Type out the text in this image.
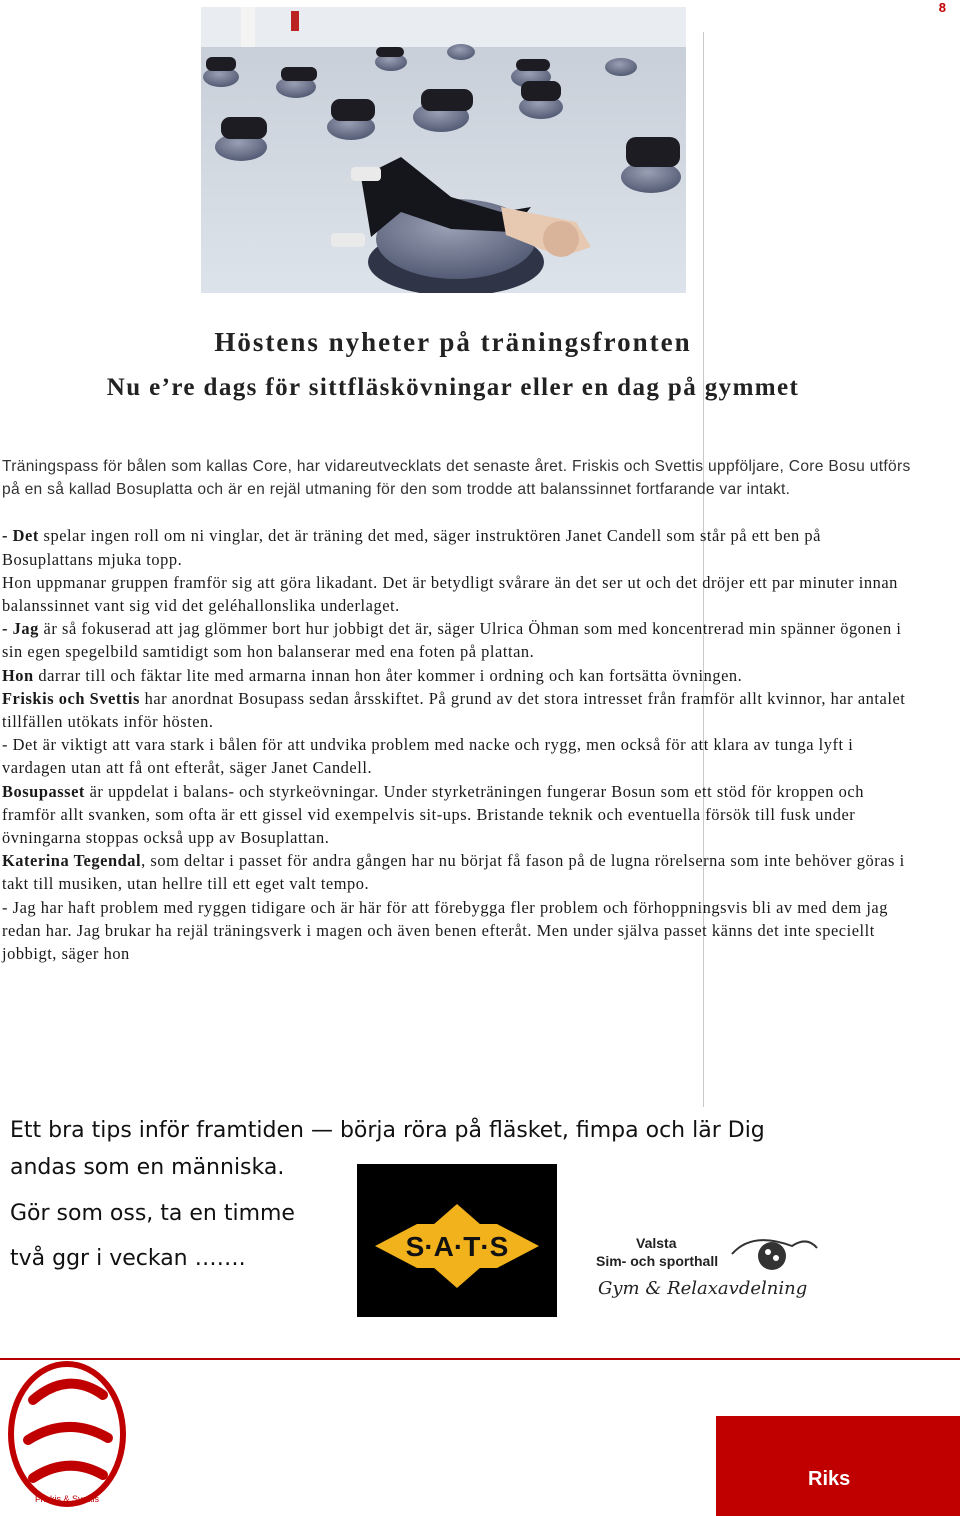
8
Höstens nyheter på träningsfronten
Nu e’re dags för sittfläskövningar eller en dag på gymmet

Träningspass för bålen som kallas Core, har vidareutvecklats det senaste året. Friskis och Svettis uppföljare, Core Bosu utförs på en så kallad Bosuplatta och är en rejäl utmaning för den som trodde att balanssinnet fortfarande var intakt.

- Det spelar ingen roll om ni vinglar, det är träning det med, säger instruktören Janet Candell som står på ett ben på Bosuplattans mjuka topp.

Hon uppmanar gruppen framför sig att göra likadant. Det är betydligt svårare än det ser ut och det dröjer ett par minuter innan balanssinnet vant sig vid det geléhallonslika underlaget.

- Jag är så fokuserad att jag glömmer bort hur jobbigt det är, säger Ulrica Öhman som med koncentrerad min spänner ögonen i sin egen spegelbild samtidigt som hon balanserar med ena foten på plattan.

Hon darrar till och fäktar lite med armarna innan hon åter kommer i ordning och kan fortsätta övningen.

Friskis och Svettis har anordnat Bosupass sedan årsskiftet. På grund av det stora intresset från framför allt kvinnor, har antalet tillfällen utökats inför hösten.

- Det är viktigt att vara stark i bålen för att undvika problem med nacke och rygg, men också för att klara av tunga lyft i vardagen utan att få ont efteråt, säger Janet Candell.

Bosupasset är uppdelat i balans- och styrkeövningar. Under styrketräningen fungerar Bosun som ett stöd för kroppen och framför allt svanken, som ofta är ett gissel vid exempelvis sit-ups. Bristande teknik och eventuella försök till fusk under övningarna stoppas också upp av Bosuplattan.

Katerina Tegendal, som deltar i passet för andra gången har nu börjat få fason på de lugna rörelserna som inte behöver göras i takt till musiken, utan hellre till ett eget valt tempo.

- Jag har haft problem med ryggen tidigare och är här för att förebygga fler problem och förhoppningsvis bli av med dem jag redan har. Jag brukar ha rejäl träningsverk i magen och även benen efteråt. Men under själva passet känns det inte speciellt jobbigt, säger hon

Ett bra tips inför framtiden — börja röra på fläsket, fimpa och lär Dig
andas som en människa.
Gör som oss, ta en timme
två ggr i veckan …….	S·A·T·S	Valsta
Sim- och sporthall
Gym & Relaxavdelning
Friskis & Svettis
Riks
